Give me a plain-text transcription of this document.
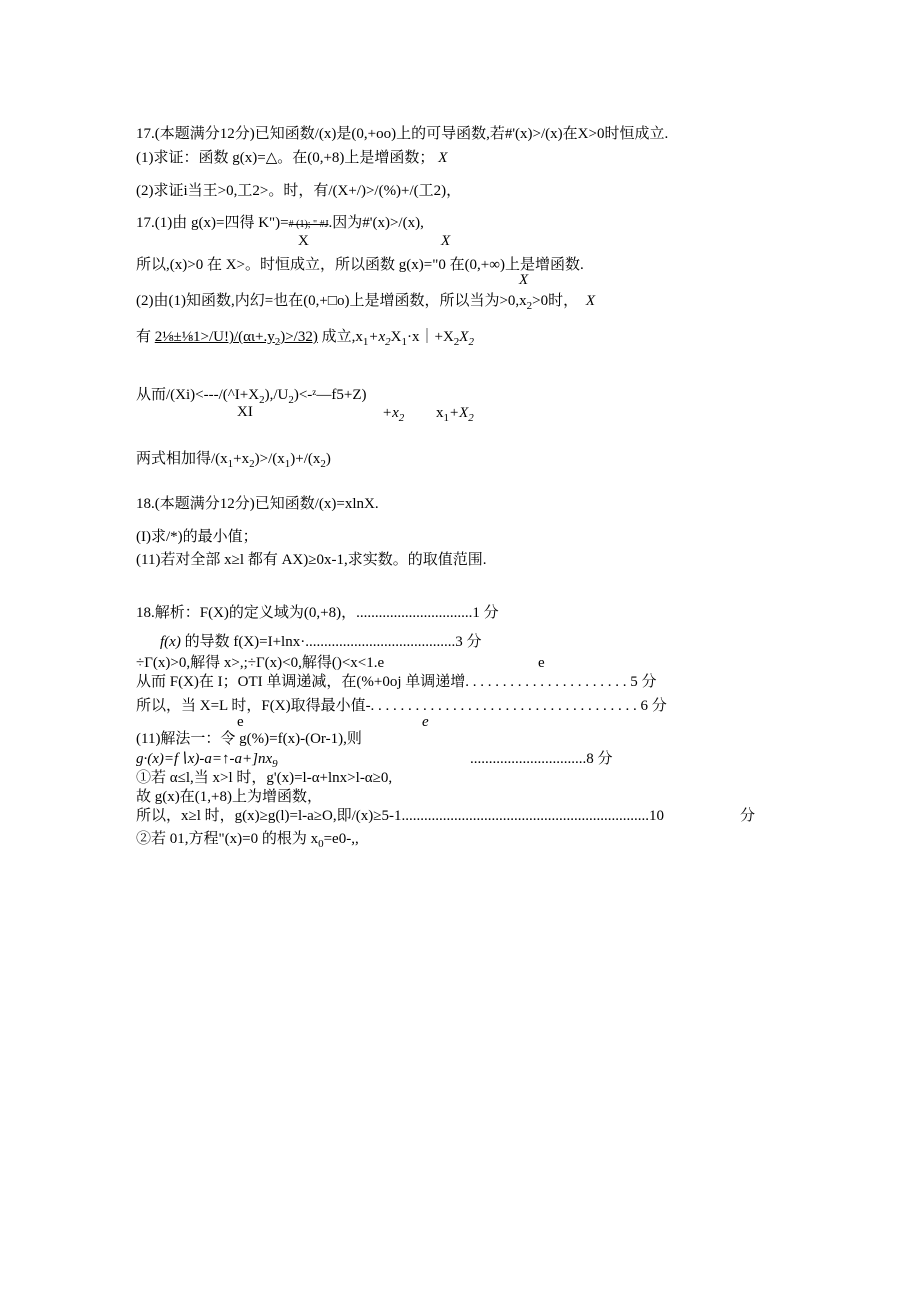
17.(本题满分12分)已知函数/(x)是(0,+oo)上的可导函数,若#'(x)>/(x)在X>0时恒成立.
(1)求证：函数 g(x)=△。在(0,+8)上是增函数； X
(2)求证i当王>0,工2>。时，有/(X+/)>/(%)+/(工2)，
17.(1)由 g(x)=四得 K")=# (1); " #J.因为#'(x)>/(x),
X	X
所以,(x)>0 在 X>。时恒成立，所以函数 g(x)="0 在(0,+∞)上是增函数.
X
(2)由(1)知函数,内幻=也在(0,+□o)上是增函数，所以当为$>0,x_2>0$时， X
有 $2\frac{1}{8}\pm\frac{1}{8}1>/U!)/(\alpha\iota+.y_2)>/32$) 成立$,x_1+x_2X_1\cdot x|+X_2X_2$
从而$/(Xi)<---/(\^{}I+X_2),/U_2)<-ᶻ—f5+Z$)
XI	$+x_2$ $x_1+X_2$
两式相加得$/(x_1+x_2)>/(x_1)+/(x_2)$
18.(本题满分12分)已知函数/(x)=xlnX.
(I)求/*)的最小值；
(11)若对全部 x≥l 都有 AX)≥0x-1,求实数。的取值范围.
18.解析：F(X)的定义域为(0,+8)，...............................1 分
f(x) 的导数 f(X)=I+lnx·........................................3 分
÷Γ(x)>0,解得 x>,;÷Γ(x)<0,解得()<x<1.e	e
从而 F(X)在 I；OTI 单调递减，在(%+0oj 单调递增. . . . . . . . . . . . . . . . . . . . . . 5 分
所以，当 X=L 时，F(X)取得最小值-. . . . . . . . . . . . . . . . . . . . . . . . . . . . . . . . . . . . 6 分
e	e
(11)解法一：令 g(%)=f(x)-(Or-1),则
$g\cdot(x)=f∖x)-a=↑-a+]nx_9$	...............................8 分
①若 α≤l,当 x>l 时，g'(x)=l-α+lnx>l-α≥0,
故 g(x)在(1,+8)上为增函数，
所以，x≥l 时，g(x)≥g(l)=l-a≥O,即/(x)≥5-1..................................................................10	分
②若 01,方程"(x)=0 的根为 $x_0=e0-$,,
